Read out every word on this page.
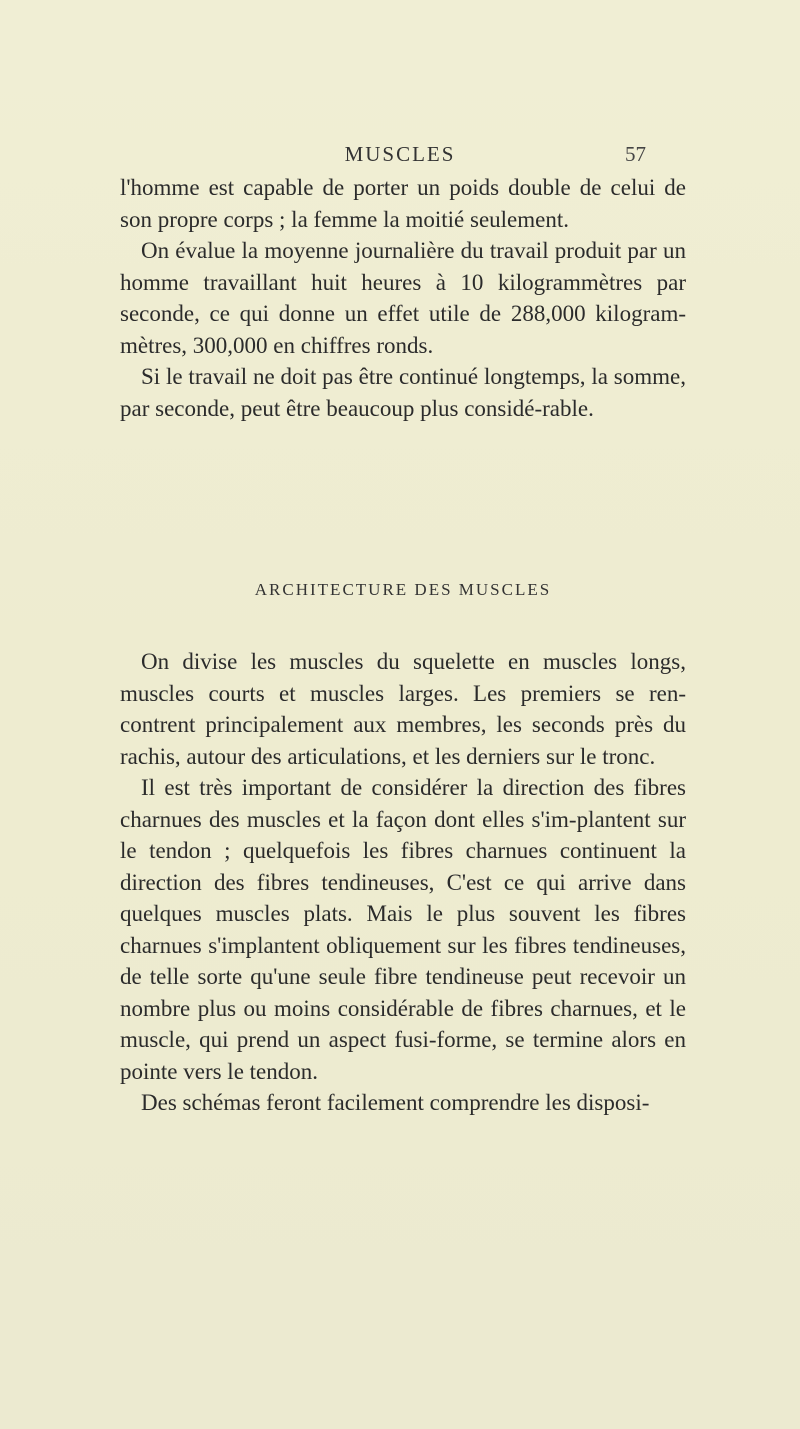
MUSCLES	57

l'homme est capable de porter un poids double de celui de son propre corps ; la femme la moitié seulement.

On évalue la moyenne journalière du travail produit par un homme travaillant huit heures à 10 kilogrammètres par seconde, ce qui donne un effet utile de 288,000 kilogram-mètres, 300,000 en chiffres ronds.

Si le travail ne doit pas être continué longtemps, la somme, par seconde, peut être beaucoup plus considé-rable.

ARCHITECTURE DES MUSCLES

On divise les muscles du squelette en muscles longs, muscles courts et muscles larges. Les premiers se ren-contrent principalement aux membres, les seconds près du rachis, autour des articulations, et les derniers sur le tronc.

Il est très important de considérer la direction des fibres charnues des muscles et la façon dont elles s'im-plantent sur le tendon ; quelquefois les fibres charnues continuent la direction des fibres tendineuses, C'est ce qui arrive dans quelques muscles plats. Mais le plus souvent les fibres charnues s'implantent obliquement sur les fibres tendineuses, de telle sorte qu'une seule fibre tendineuse peut recevoir un nombre plus ou moins considérable de fibres charnues, et le muscle, qui prend un aspect fusi-forme, se termine alors en pointe vers le tendon.

Des schémas feront facilement comprendre les disposi-
